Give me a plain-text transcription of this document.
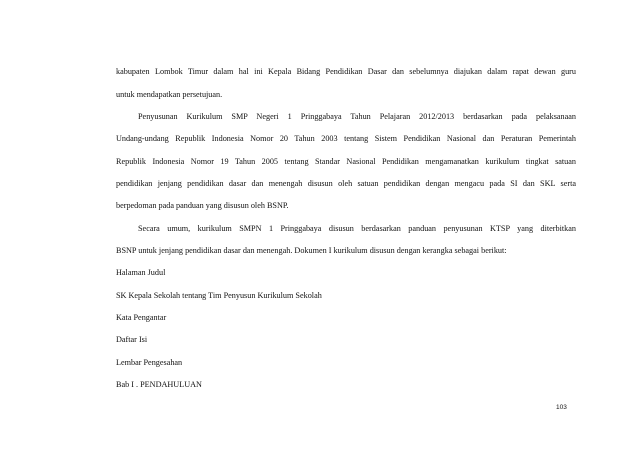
kabupaten Lombok Timur dalam hal ini Kepala Bidang Pendidikan Dasar dan sebelumnya diajukan dalam rapat dewan guru
untuk mendapatkan persetujuan.
Penyusunan Kurikulum SMP Negeri 1 Pringgabaya Tahun Pelajaran 2012/2013 berdasarkan pada pelaksanaan
Undang-undang Republik Indonesia Nomor 20 Tahun 2003 tentang Sistem Pendidikan Nasional dan Peraturan Pemerintah
Republik Indonesia Nomor 19 Tahun 2005 tentang Standar Nasional Pendidikan mengamanatkan kurikulum tingkat satuan
pendidikan jenjang pendidikan dasar dan menengah disusun oleh satuan pendidikan dengan mengacu pada SI dan SKL serta
berpedoman pada panduan yang disusun oleh BSNP.
Secara umum, kurikulum SMPN 1 Pringgabaya disusun berdasarkan panduan penyusunan KTSP yang diterbitkan
BSNP untuk jenjang pendidikan dasar dan menengah. Dokumen I kurikulum disusun dengan kerangka sebagai berikut:
Halaman Judul
SK Kepala Sekolah tentang Tim Penyusun Kurikulum Sekolah
Kata Pengantar
Daftar Isi
Lembar Pengesahan
Bab I . PENDAHULUAN
103
